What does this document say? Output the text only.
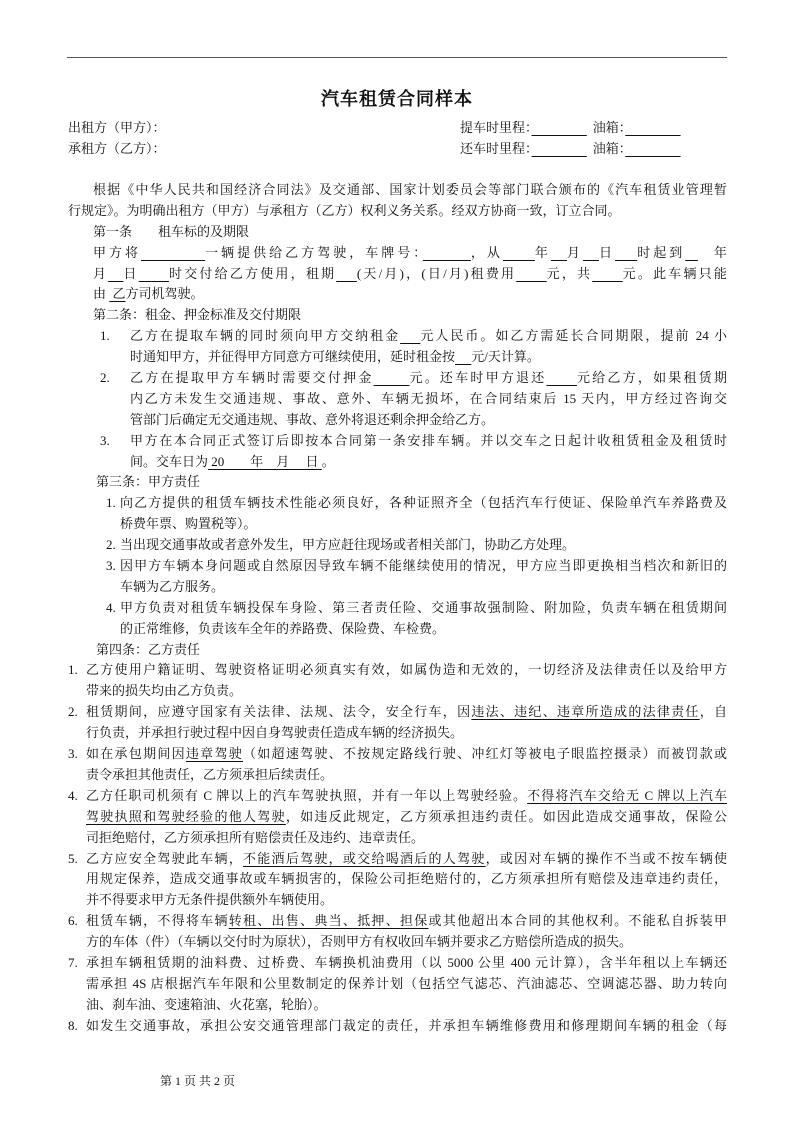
汽车租赁合同样本
出租方（甲方）：
承租方（乙方）：
提车时里程：　　　　	油箱：　　　　
还车时里程：　　　　	油箱：　　　　
根据《中华人民共和国经济合同法》及交通部、国家计划委员会等部门联合颁布的《汽车租赁业管理暂
行规定》。为明确出租方（甲方）与承租方（乙方）权利义务关系。经双方协商一致，订立合同。
第一条　　租车标的及期限
甲方将　　　　	一辆提供给乙方驾驶，车牌号：　　　	，从　　 年　 月　 日　 时起到  　年
月　 日　　 时交付给乙方使用，租期　 (天/月)，(日/月)租费用　　 元，共　　 元。此车辆只能
由  乙方司机驾驶。
第二条：租金、押金标准及交付期限
1. 乙方在提取车辆的同时须向甲方交纳租金　 元人民币。如乙方需延长合同期限，提前 24 小
时通知甲方，并征得甲方同意方可继续使用，延时租金按　 元/天计算。
2. 乙方在提取甲方车辆时需要交付押金　　	元。还车时甲方退还　　 元给乙方，如果租赁期
内乙方未发生交通违规、事故、意外、车辆无损坏，在合同结束后 15 天内，甲方经过咨询交
管部门后确定无交通违规、事故、意外将退还剩余押金给乙方。
3. 甲方在本合同正式签订后即按本合同第一条安排车辆。并以交车之日起计收租赁租金及租赁时
间。交车日为 20　　年　月　 日 。
第三条：甲方责任
1. 向乙方提供的租赁车辆技术性能必须良好，各种证照齐全（包括汽车行使证、保险单汽车养路费及
桥费年票、购置税等）。
2. 当出现交通事故或者意外发生，甲方应赶往现场或者相关部门，协助乙方处理。
3. 因甲方车辆本身问题或自然原因导致车辆不能继续使用的情况，甲方应当即更换相当档次和新旧的
车辆为乙方服务。
4. 甲方负责对租赁车辆投保车身险、第三者责任险、交通事故强制险、附加险，负责车辆在租赁期间
的正常维修，负责该车全年的养路费、保险费、车检费。
第四条：乙方责任
1. 乙方使用户籍证明、驾驶资格证明必须真实有效，如属伪造和无效的，一切经济及法律责任以及给甲方
带来的损失均由乙方负责。
2. 租赁期间，应遵守国家有关法律、法规、法令，安全行车，因违法、违纪、违章所造成的法律责任，自
行负责，并承担行驶过程中因自身驾驶责任造成车辆的经济损失。
3. 如在承包期间因违章驾驶（如超速驾驶、不按规定路线行驶、冲红灯等被电子眼监控摄录）而被罚款或
责令承担其他责任，乙方须承担后续责任。
4. 乙方任职司机须有 C 牌以上的汽车驾驶执照，并有一年以上驾驶经验。不得将汽车交给无 C 牌以上汽车
驾驶执照和驾驶经验的他人驾驶，如违反此规定，乙方须承担违约责任。如因此造成交通事故，保险公
司拒绝赔付，乙方须承担所有赔偿责任及违约、违章责任。
5. 乙方应安全驾驶此车辆，不能酒后驾驶，或交给喝酒后的人驾驶，或因对车辆的操作不当或不按车辆使
用规定保养，造成交通事故或车辆损害的，保险公司拒绝赔付的，乙方须承担所有赔偿及违章违约责任，
并不得要求甲方无条件提供额外车辆使用。
6. 租赁车辆，不得将车辆转租、出售、典当、抵押、担保或其他超出本合同的其他权利。不能私自拆装甲
方的车体（件）（车辆以交付时为原状），否则甲方有权收回车辆并要求乙方赔偿所造成的损失。
7. 承担车辆租赁期的油料费、过桥费、车辆换机油费用（以 5000 公里 400 元计算），含半年租以上车辆还
需承担 4S 店根据汽车年限和公里数制定的保养计划（包括空气滤芯、汽油滤芯、空调滤芯器、助力转向
油、刹车油、变速箱油、火花塞，轮胎）。
8. 如发生交通事故，承担公安交通管理部门裁定的责任，并承担车辆维修费用和修理期间车辆的租金（每
第 1 页 共 2 页
